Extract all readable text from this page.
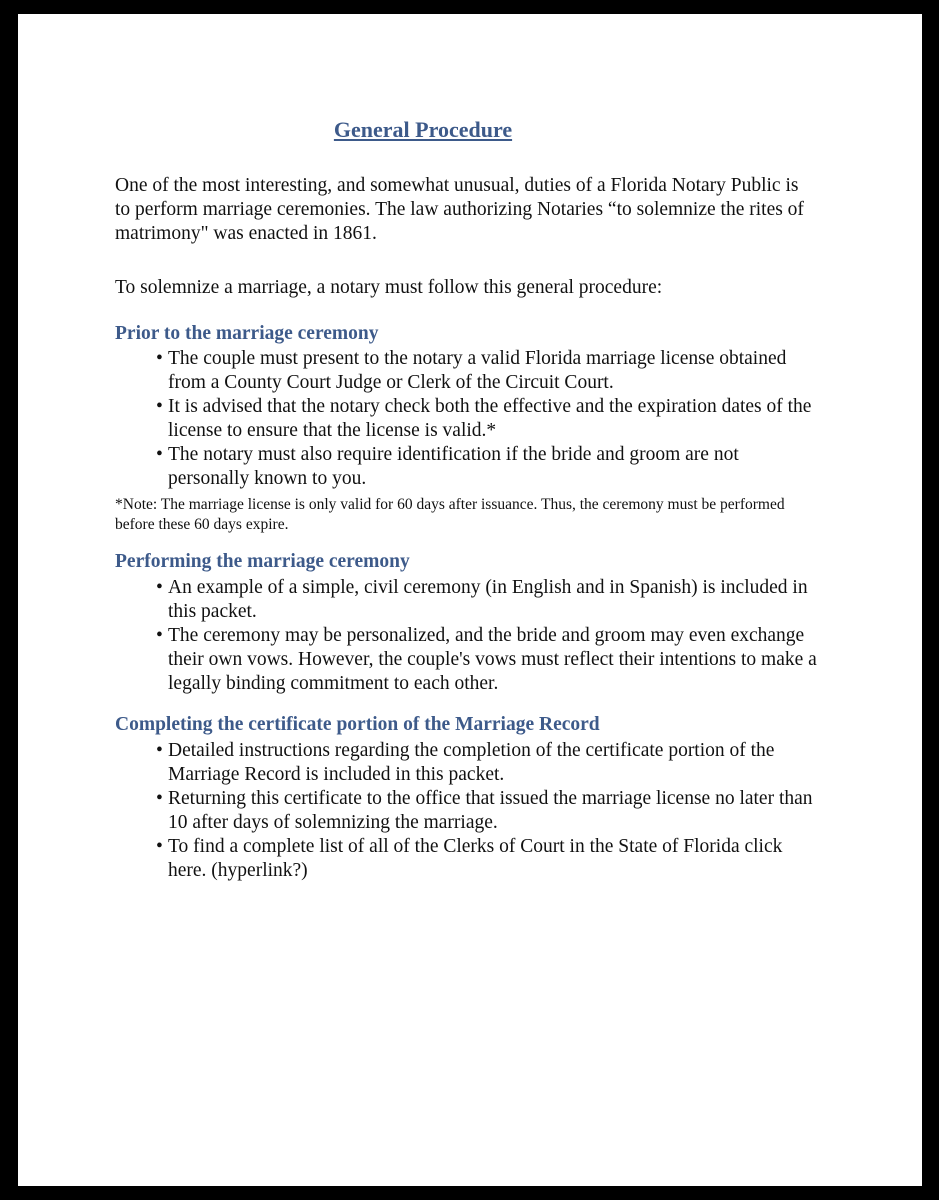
General Procedure

One of the most interesting, and somewhat unusual, duties of a Florida Notary Public is to perform marriage ceremonies. The law authorizing Notaries “to solemnize the rites of matrimony" was enacted in 1861.

To solemnize a marriage, a notary must follow this general procedure:

Prior to the marriage ceremony
• The couple must present to the notary a valid Florida marriage license obtained from a County Court Judge or Clerk of the Circuit Court.
• It is advised that the notary check both the effective and the expiration dates of the license to ensure that the license is valid.*
• The notary must also require identification if the bride and groom are not personally known to you.

*Note: The marriage license is only valid for 60 days after issuance. Thus, the ceremony must be performed before these 60 days expire.

Performing the marriage ceremony
• An example of a simple, civil ceremony (in English and in Spanish) is included in this packet.
• The ceremony may be personalized, and the bride and groom may even exchange their own vows. However, the couple's vows must reflect their intentions to make a legally binding commitment to each other.
Completing the certificate portion of the Marriage Record
• Detailed instructions regarding the completion of the certificate portion of the Marriage Record is included in this packet.
• Returning this certificate to the office that issued the marriage license no later than 10 after days of solemnizing the marriage.
• To find a complete list of all of the Clerks of Court in the State of Florida click here. (hyperlink?)
